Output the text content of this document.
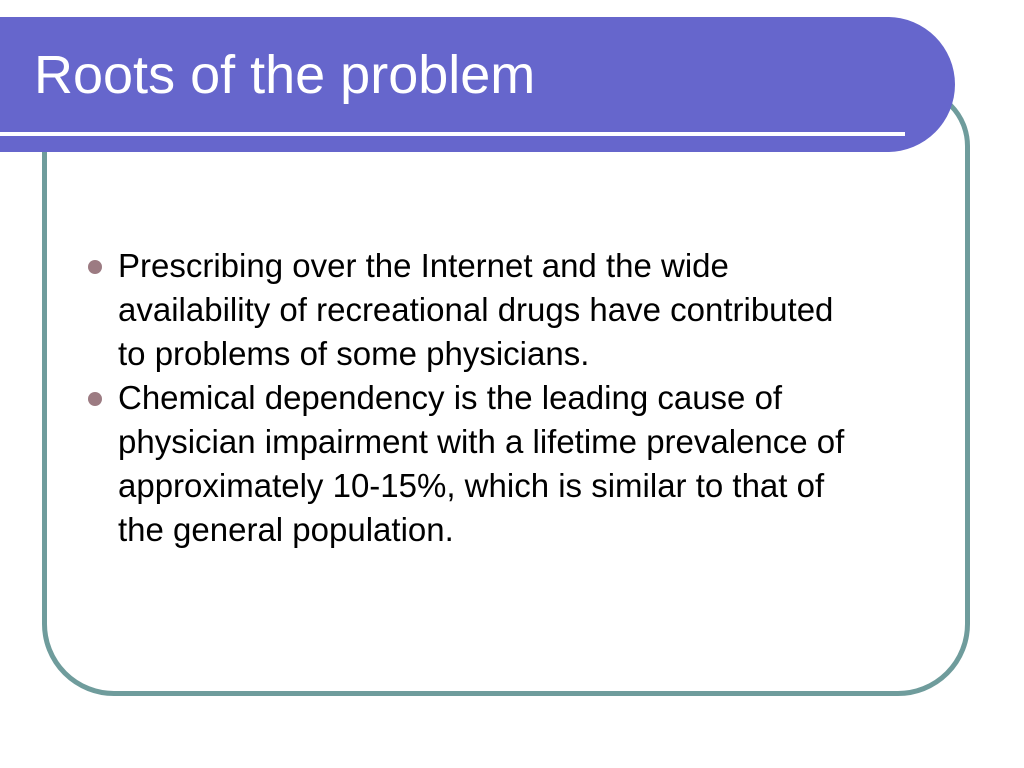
Roots of the problem
Prescribing over the Internet and the wide availability of recreational drugs have contributed to problems of some physicians.
Chemical dependency is the leading cause of physician impairment with a lifetime prevalence of approximately 10-15%, which is similar to that of the general population.
